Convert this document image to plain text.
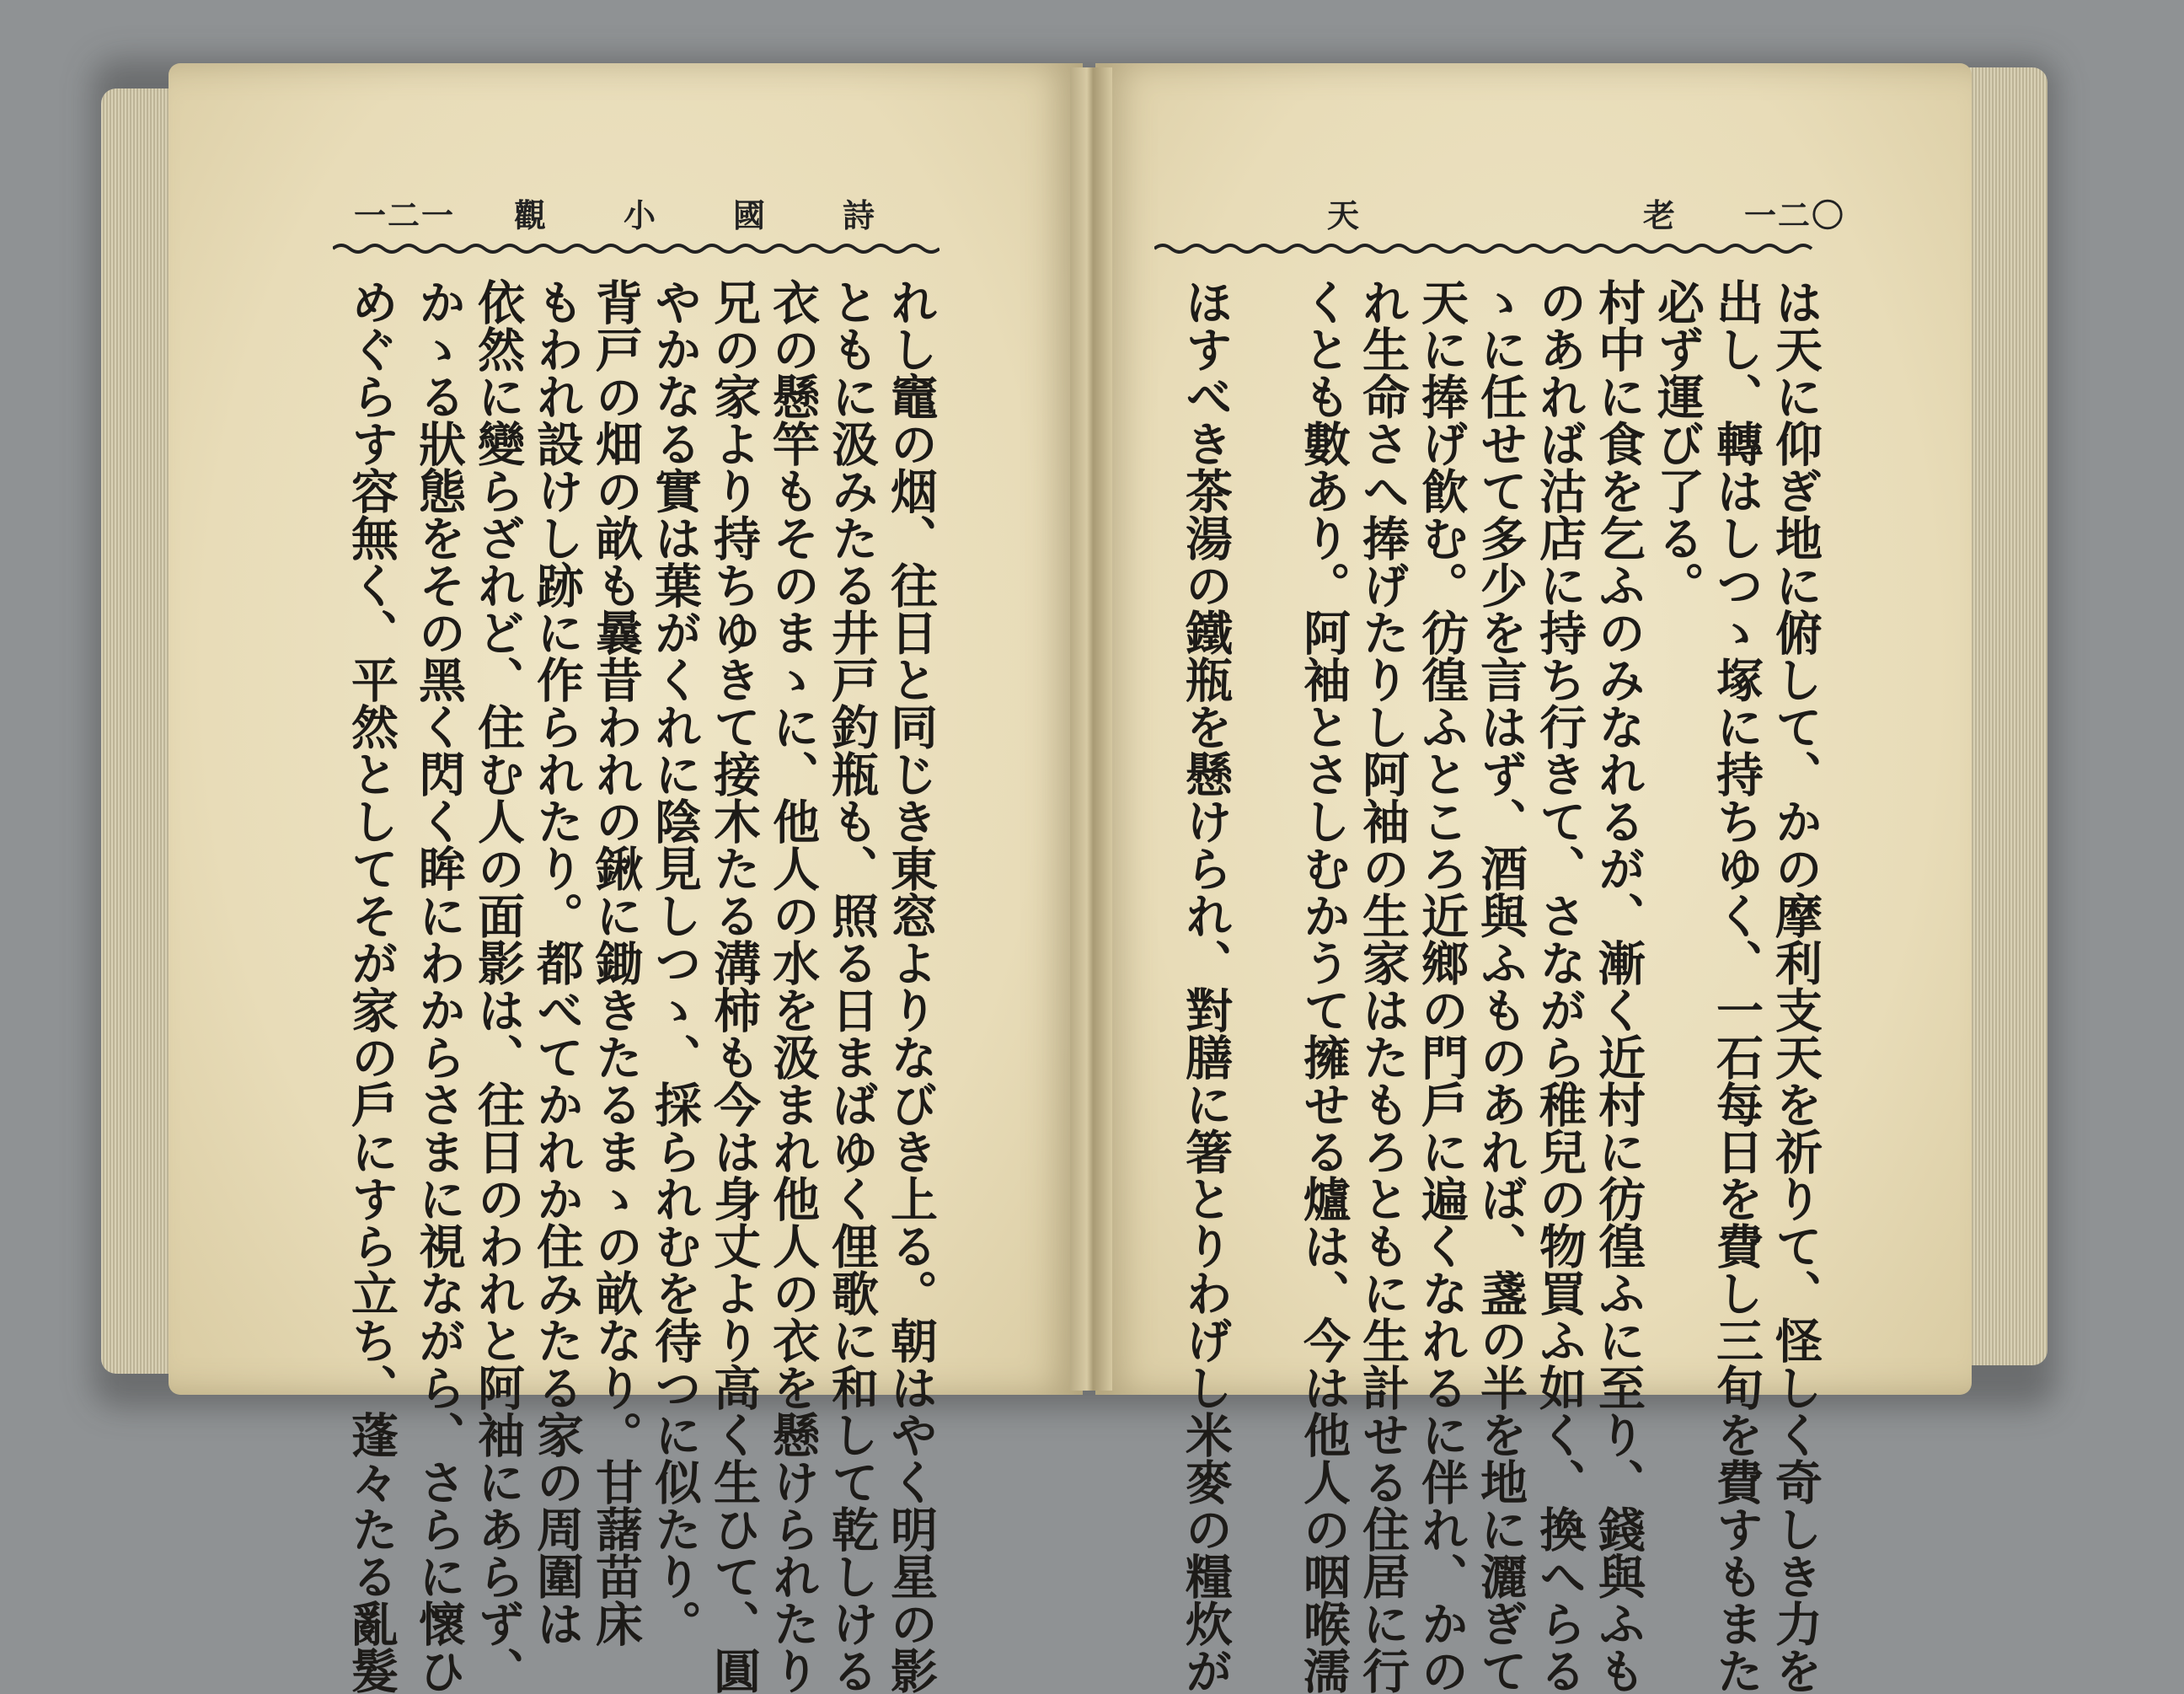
一二一 觀 小 國 詩	天	老 一二〇
れし竈の烟、往日と同じき東窓よりなびき上る。朝はやく明星の影
ともに汲みたる井戸釣瓶も、照る日まばゆく俚歌に和して乾しける
衣の懸竿もそのまゝに、他人の水を汲まれ他人の衣を懸けられたり
兄の家より持ちゆきて接木たる溝柿も今は身丈より高く生ひて、圓
やかなる實は葉がくれに陰見しつゝ、採られむを待つに似たり。
背戸の畑の畝も曩昔われの鍬に鋤きたるまゝの畝なり。甘藷苗床
もわれ設けし跡に作られたり。都べてかれか住みたる家の周圍は
依然に變らざれど、住む人の面影は、往日のわれと阿袖にあらず、
かゝる狀態をその黑く閃く眸にわからさまに視ながら、さらに懷ひ
めぐらす容無く、平然としてそが家の戶にすら立ち、蓬々たる亂髮	は天に仰ぎ地に俯して、かの摩利支天を祈りて、怪しく奇しき力を
出し、轉はしつゝ塚に持ちゆく、一石每日を費し三旬を費すもまた
必ず運び了る。
村中に食を乞ふのみなれるが、漸く近村に彷徨ふに至り、錢與ふも
のあれば沽店に持ち行きて、さながら稚兒の物買ふ如く、換へらる
ゝに任せて多少を言はず、酒與ふものあれば、盞の半を地に灑ぎて
天に捧げ飮む。彷徨ふところ近鄉の門戶に遍くなれるに伴れ、かの
れ生命さへ捧げたりし阿袖の生家はたもろともに生計せる住居に行
くとも數あり。阿袖とさしむかうて擁せる爐は、今は他人の咽喉濡
ほすべき茶湯の鐵瓶を懸けられ、對膳に箸とりわげし米麥の糧炊が
